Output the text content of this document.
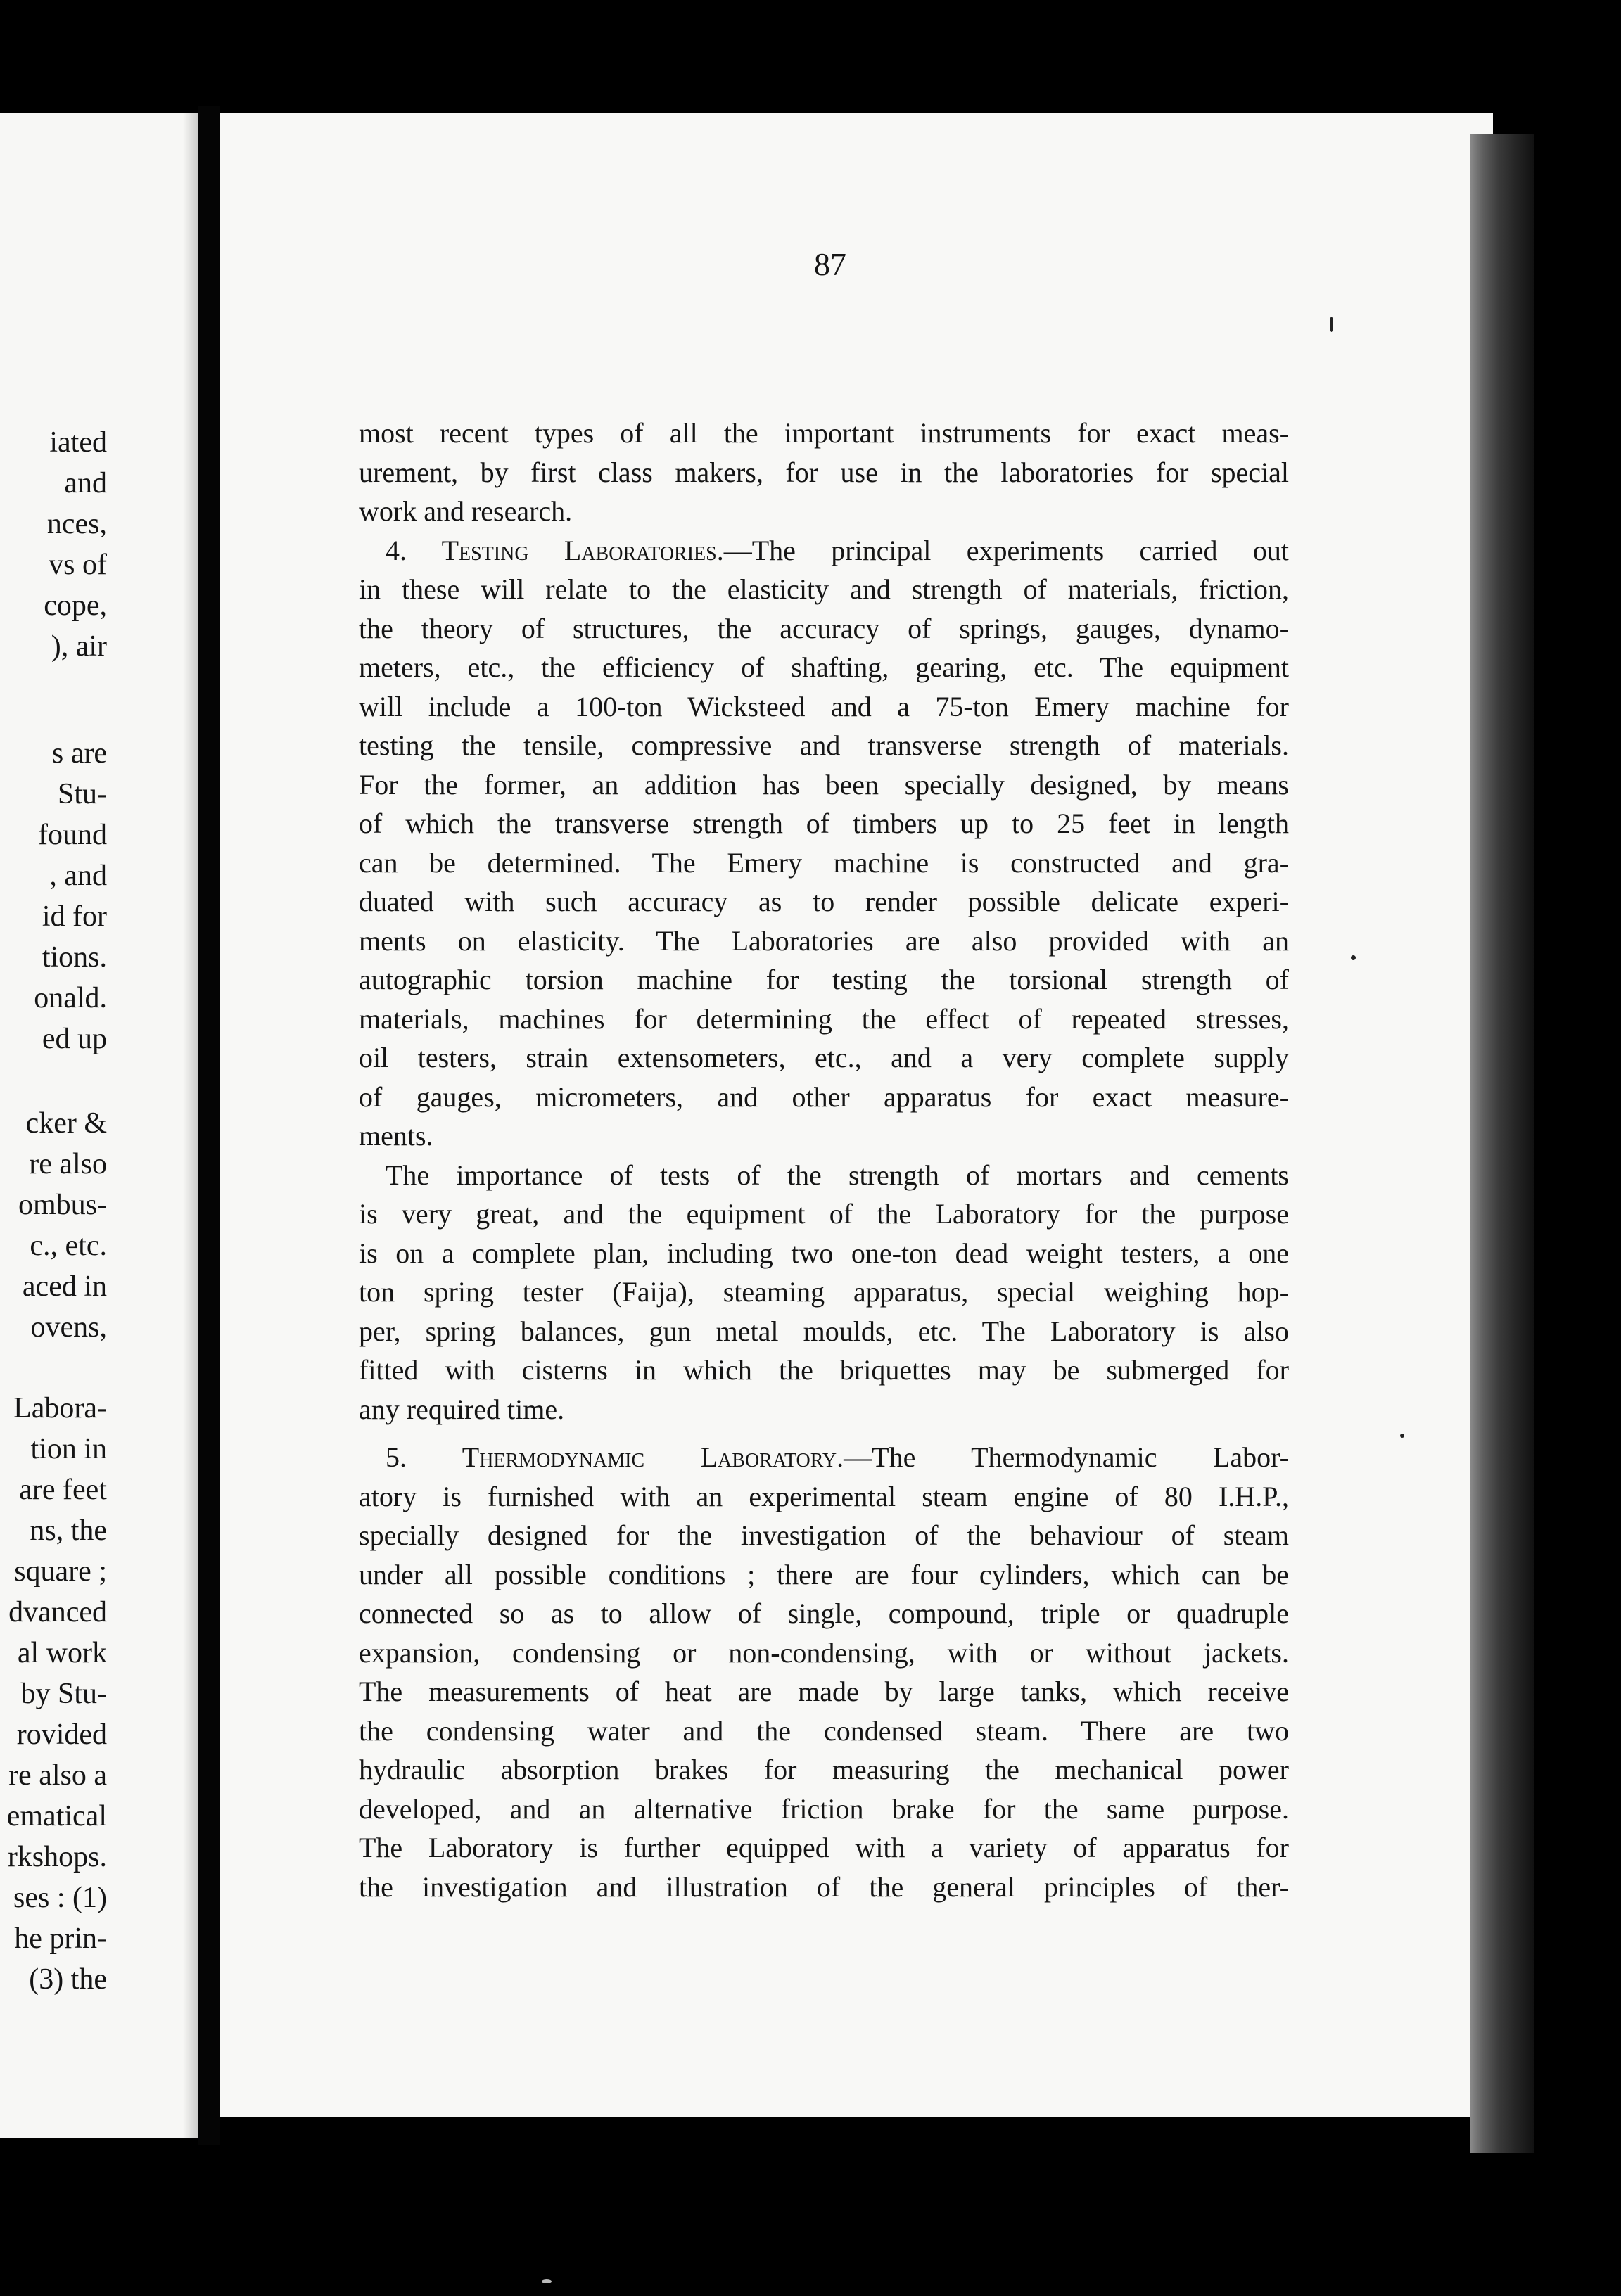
iated
and
nces,
vs of
cope,
), air
s are
Stu-
found
, and
id for
tions.
onald.
ed up
cker &
re also
ombus-
c., etc.
aced in
ovens,
Labora-
tion in
are feet
ns, the
square ;
dvanced
al work
by Stu-
rovided
re also a
ematical
rkshops.
ses : (1)
he prin-
(3) the
87
most recent types of all the important instruments for exact meas-
urement, by first class makers, for use in the laboratories for special
work and research.
4. Testing Laboratories.—The principal experiments carried out
in these will relate to the elasticity and strength of materials, friction,
the theory of structures, the accuracy of springs, gauges, dynamo-
meters, etc., the efficiency of shafting, gearing, etc. The equipment
will include a 100-ton Wicksteed and a 75-ton Emery machine for
testing the tensile, compressive and transverse strength of materials.
For the former, an addition has been specially designed, by means
of which the transverse strength of timbers up to 25 feet in length
can be determined. The Emery machine is constructed and gra-
duated with such accuracy as to render possible delicate experi-
ments on elasticity. The Laboratories are also provided with an
autographic torsion machine for testing the torsional strength of
materials, machines for determining the effect of repeated stresses,
oil testers, strain extensometers, etc., and a very complete supply
of gauges, micrometers, and other apparatus for exact measure-
ments.
The importance of tests of the strength of mortars and cements
is very great, and the equipment of the Laboratory for the purpose
is on a complete plan, including two one-ton dead weight testers, a one
ton spring tester (Faija), steaming apparatus, special weighing hop-
per, spring balances, gun metal moulds, etc. The Laboratory is also
fitted with cisterns in which the briquettes may be submerged for
any required time.
5. Thermodynamic Laboratory.—The Thermodynamic Labor-
atory is furnished with an experimental steam engine of 80 I.H.P.,
specially designed for the investigation of the behaviour of steam
under all possible conditions ; there are four cylinders, which can be
connected so as to allow of single, compound, triple or quadruple
expansion, condensing or non-condensing, with or without jackets.
The measurements of heat are made by large tanks, which receive
the condensing water and the condensed steam. There are two
hydraulic absorption brakes for measuring the mechanical power
developed, and an alternative friction brake for the same purpose.
The Laboratory is further equipped with a variety of apparatus for
the investigation and illustration of the general principles of ther-
